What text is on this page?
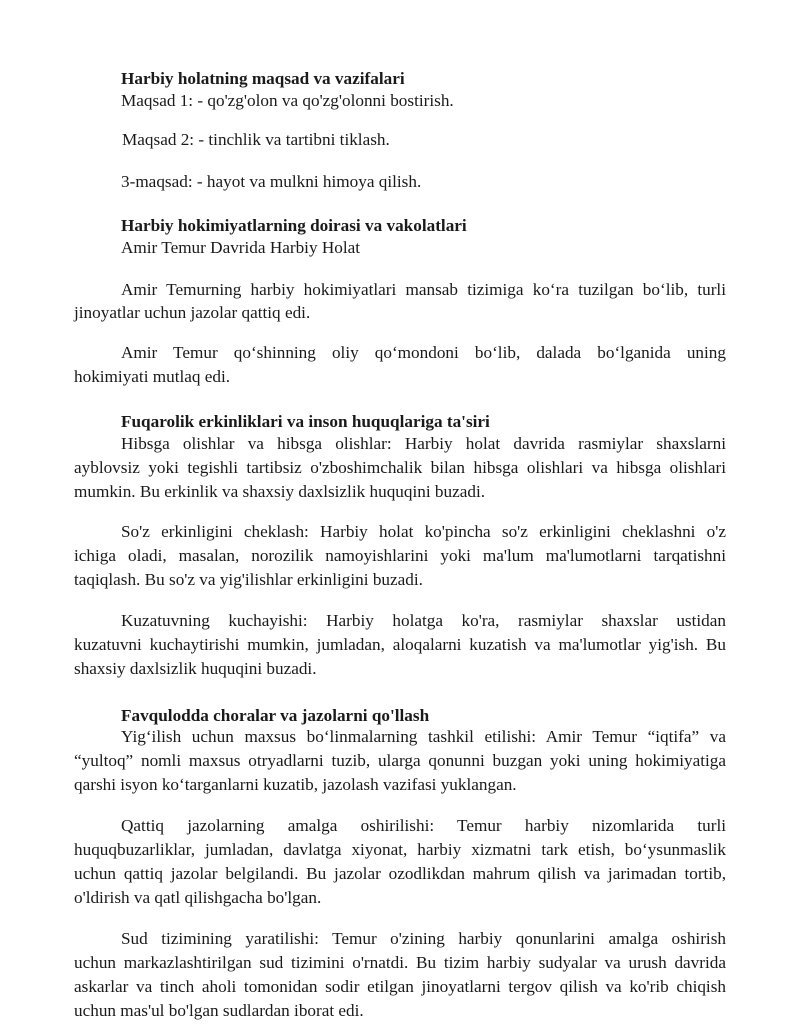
Harbiy holatning maqsad va vazifalari
Maqsad 1: - qo'zg'olon va qo'zg'olonni bostirish.
Maqsad 2: - tinchlik va tartibni tiklash.
3-maqsad: - hayot va mulkni himoya qilish.
Harbiy hokimiyatlarning doirasi va vakolatlari
Amir Temur Davrida Harbiy Holat
Amir Temurning harbiy hokimiyatlari mansab tizimiga ko‘ra tuzilgan bo‘lib, turli
jinoyatlar uchun jazolar qattiq edi.
Amir Temur qo‘shinning oliy qo‘mondoni bo‘lib, dalada bo‘lganida uning
hokimiyati mutlaq edi.
Fuqarolik erkinliklari va inson huquqlariga ta'siri
Hibsga olishlar va hibsga olishlar: Harbiy holat davrida rasmiylar shaxslarni
ayblovsiz yoki tegishli tartibsiz o'zboshimchalik bilan hibsga olishlari va hibsga olishlari
mumkin. Bu erkinlik va shaxsiy daxlsizlik huquqini buzadi.
So'z erkinligini cheklash: Harbiy holat ko'pincha so'z erkinligini cheklashni o'z
ichiga oladi, masalan, norozilik namoyishlarini yoki ma'lum ma'lumotlarni tarqatishni
taqiqlash. Bu so'z va yig'ilishlar erkinligini buzadi.
Kuzatuvning kuchayishi: Harbiy holatga ko'ra, rasmiylar shaxslar ustidan
kuzatuvni kuchaytirishi mumkin, jumladan, aloqalarni kuzatish va ma'lumotlar yig'ish. Bu
shaxsiy daxlsizlik huquqini buzadi.
Favqulodda choralar va jazolarni qo'llash
Yig‘ilish uchun maxsus bo‘linmalarning tashkil etilishi: Amir Temur “iqtifa” va
“yultoq” nomli maxsus otryadlarni tuzib, ularga qonunni buzgan yoki uning hokimiyatiga
qarshi isyon ko‘targanlarni kuzatib, jazolash vazifasi yuklangan.
Qattiq jazolarning amalga oshirilishi: Temur harbiy nizomlarida turli
huquqbuzarliklar, jumladan, davlatga xiyonat, harbiy xizmatni tark etish, bo‘ysunmaslik
uchun qattiq jazolar belgilandi. Bu jazolar ozodlikdan mahrum qilish va jarimadan tortib,
o'ldirish va qatl qilishgacha bo'lgan.
Sud tizimining yaratilishi: Temur o'zining harbiy qonunlarini amalga oshirish
uchun markazlashtirilgan sud tizimini o'rnatdi. Bu tizim harbiy sudyalar va urush davrida
askarlar va tinch aholi tomonidan sodir etilgan jinoyatlarni tergov qilish va ko'rib chiqish
uchun mas'ul bo'lgan sudlardan iborat edi.
